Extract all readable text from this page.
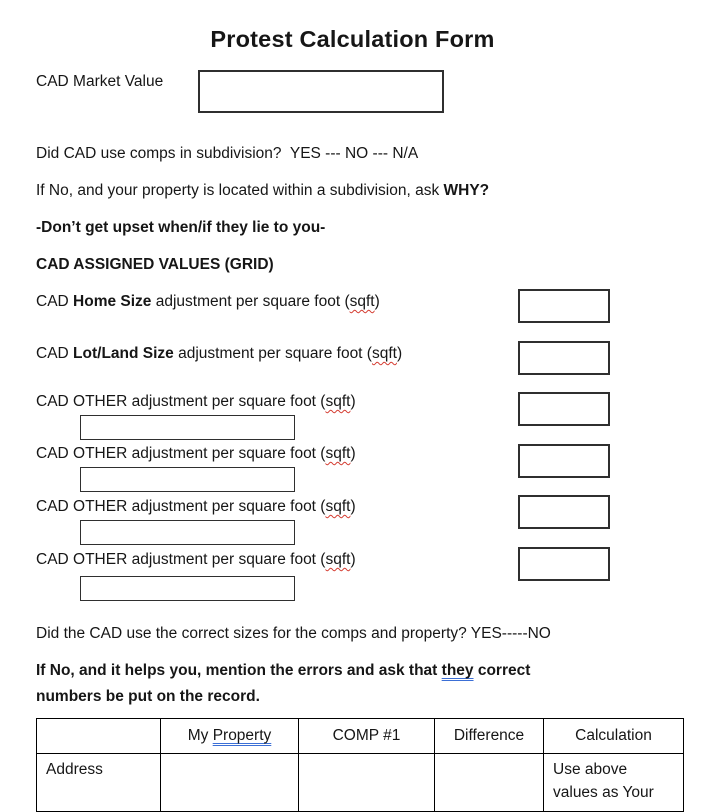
Protest Calculation Form
CAD Market Value
Did CAD use comps in subdivision?  YES --- NO --- N/A
If No, and your property is located within a subdivision, ask WHY?
-Don’t get upset when/if they lie to you-
CAD ASSIGNED VALUES (GRID)
CAD Home Size adjustment per square foot (sqft)
CAD Lot/Land Size adjustment per square foot (sqft)
CAD OTHER adjustment per square foot (sqft)
CAD OTHER adjustment per square foot (sqft)
CAD OTHER adjustment per square foot (sqft)
CAD OTHER adjustment per square foot (sqft)
Did the CAD use the correct sizes for the comps and property? YES-----NO
If No, and it helps you, mention the errors and ask that they correct
numbers be put on the record.
	My Property	COMP #1	Difference	Calculation
Address				Use above
values as Your
